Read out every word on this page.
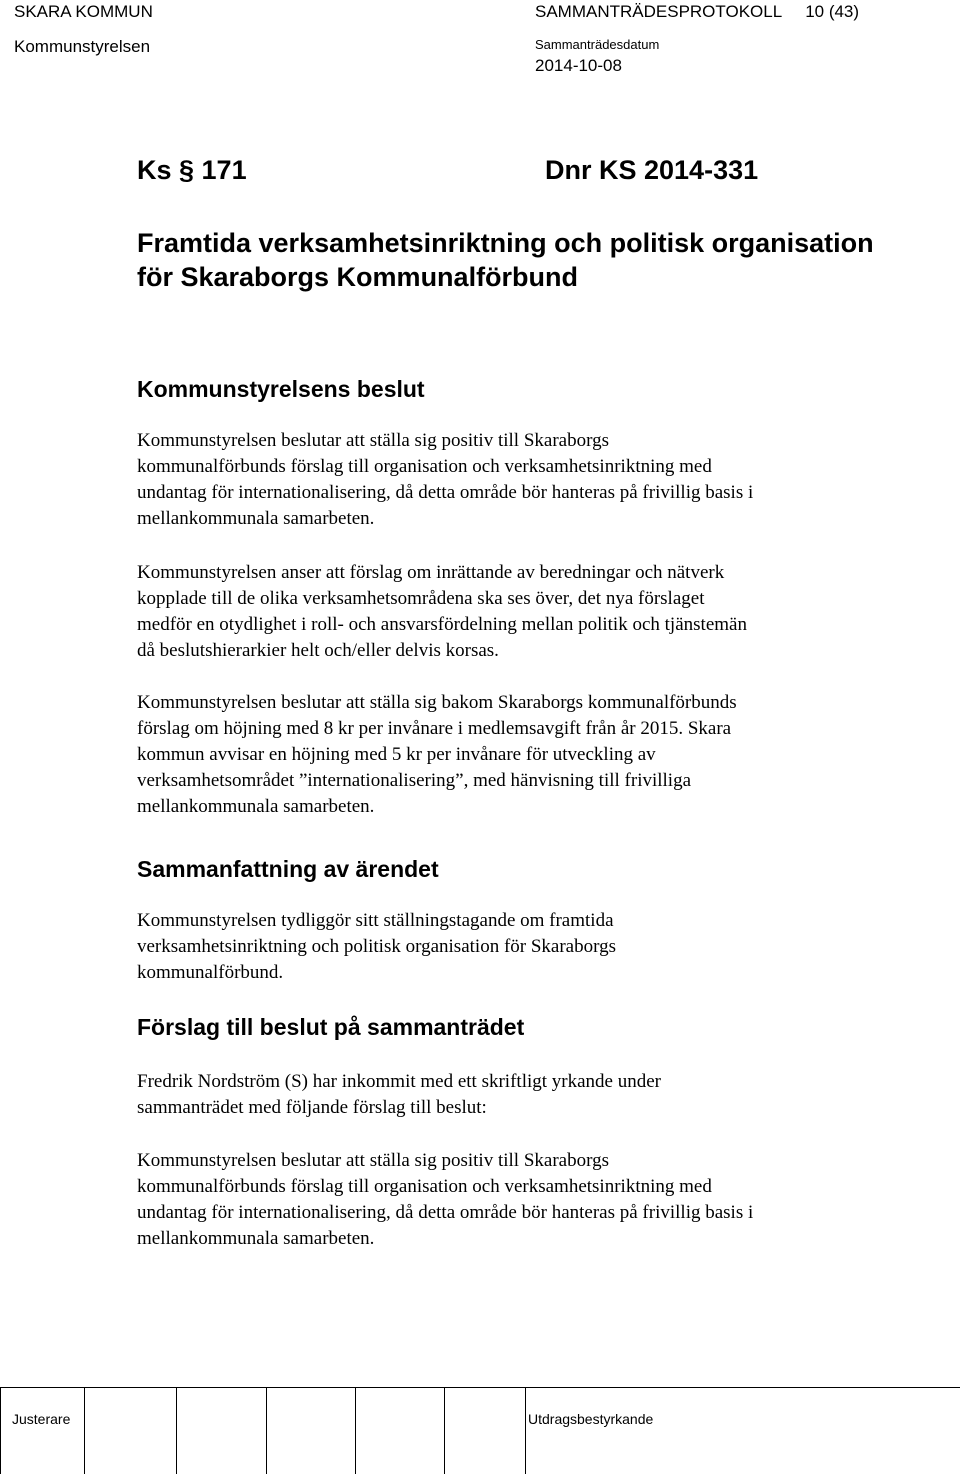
SKARA KOMMUN
Kommunstyrelsen
SAMMANTRÄDESPROTOKOLL 10 (43)
Sammanträdesdatum
2014-10-08
Ks § 171	Dnr KS 2014-331
Framtida verksamhetsinriktning och politisk organisation för Skaraborgs Kommunalförbund
Kommunstyrelsens beslut
Kommunstyrelsen beslutar att ställa sig positiv till Skaraborgs
kommunalförbunds förslag till organisation och verksamhetsinriktning med
undantag för internationalisering, då detta område bör hanteras på frivillig basis i
mellankommunala samarbeten.
Kommunstyrelsen anser att förslag om inrättande av beredningar och nätverk
kopplade till de olika verksamhetsområdena ska ses över, det nya förslaget
medför en otydlighet i roll- och ansvarsfördelning mellan politik och tjänstemän
då beslutshierarkier helt och/eller delvis korsas.
Kommunstyrelsen beslutar att ställa sig bakom Skaraborgs kommunalförbunds
förslag om höjning med 8 kr per invånare i medlemsavgift från år 2015. Skara
kommun avvisar en höjning med 5 kr per invånare för utveckling av
verksamhetsområdet ”internationalisering”, med hänvisning till frivilliga
mellankommunala samarbeten.
Sammanfattning av ärendet
Kommunstyrelsen tydliggör sitt ställningstagande om framtida
verksamhetsinriktning och politisk organisation för Skaraborgs
kommunalförbund.
Förslag till beslut på sammanträdet
Fredrik Nordström (S) har inkommit med ett skriftligt yrkande under
sammanträdet med följande förslag till beslut:
Kommunstyrelsen beslutar att ställa sig positiv till Skaraborgs
kommunalförbunds förslag till organisation och verksamhetsinriktning med
undantag för internationalisering, då detta område bör hanteras på frivillig basis i
mellankommunala samarbeten.
Justerare	Utdragsbestyrkande
